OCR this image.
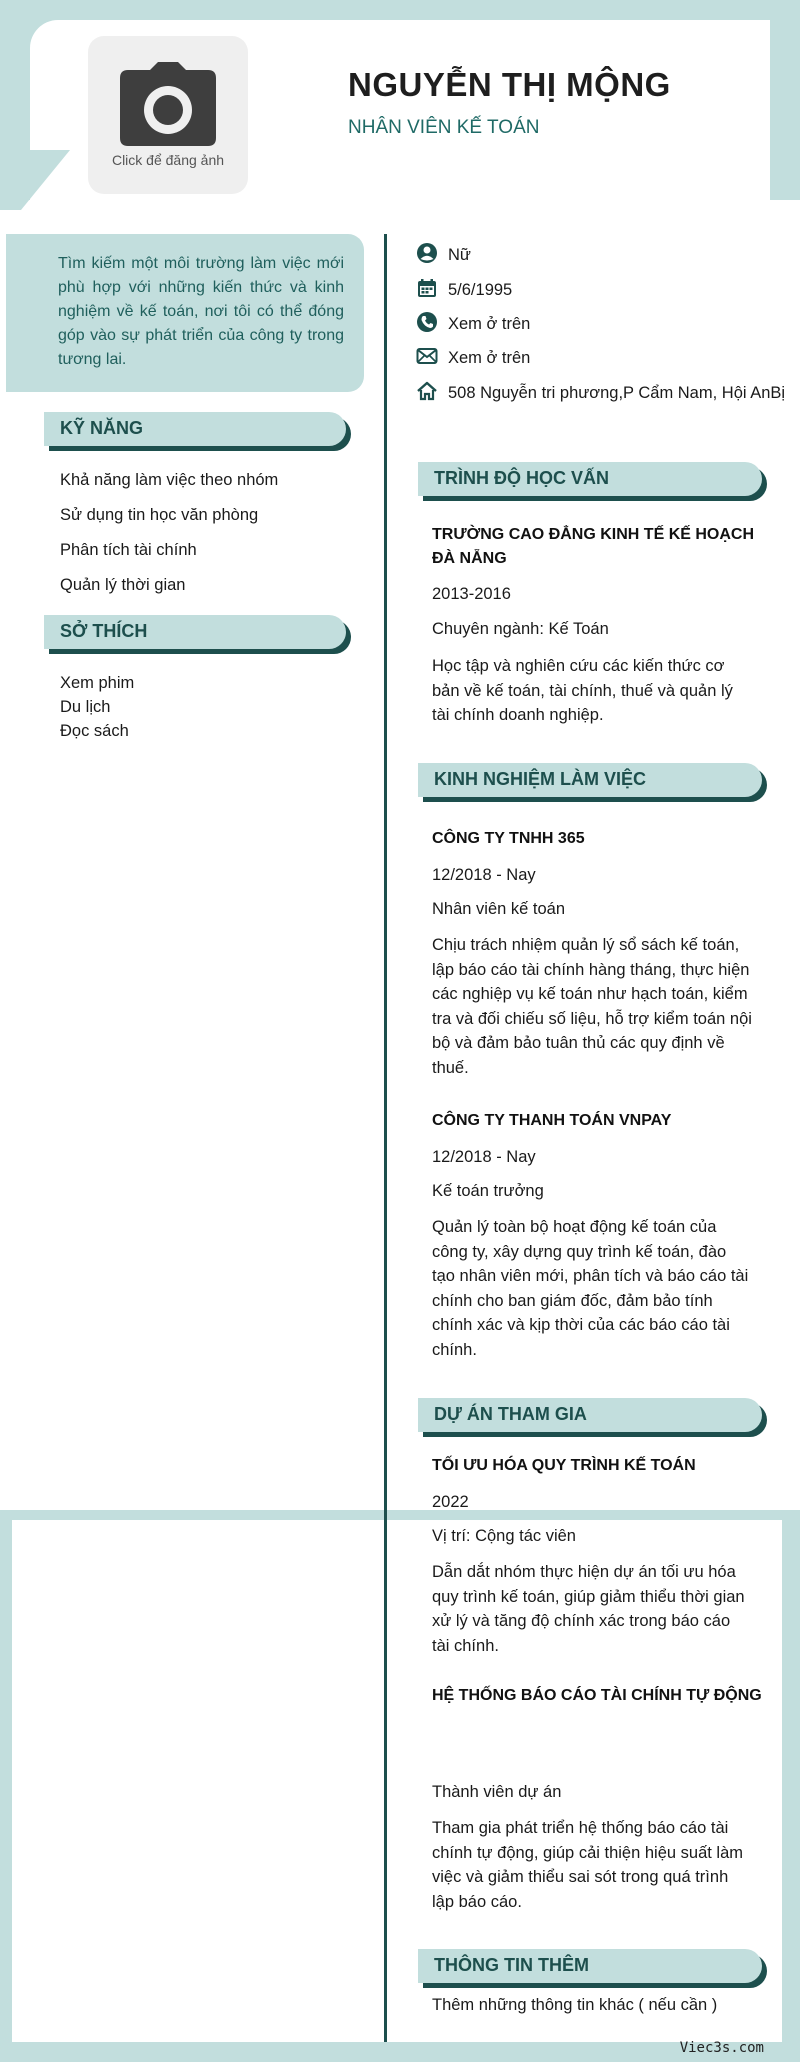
Click để đăng ảnh
NGUYỄN THỊ MỘNG
NHÂN VIÊN KẾ TOÁN
Tìm kiếm một môi trường làm việc mới phù hợp với những kiến thức và kinh nghiệm về kế toán, nơi tôi có thể đóng góp vào sự phát triển của công ty trong tương lai.
KỸ NĂNG
Khả năng làm việc theo nhóm
Sử dụng tin học văn phòng
Phân tích tài chính
Quản lý thời gian
SỞ THÍCH
Xem phim
Du lịch
Đọc sách
Nữ
5/6/1995
Xem ở trên
Xem ở trên
508 Nguyễn tri phương,P Cẩm Nam, Hội AnBị
TRÌNH ĐỘ HỌC VẤN
TRƯỜNG CAO ĐẲNG KINH TẾ KẾ HOẠCH ĐÀ NẴNG
2013-2016
Chuyên ngành: Kế Toán
Học tập và nghiên cứu các kiến thức cơ bản về kế toán, tài chính, thuế và quản lý tài chính doanh nghiệp.
KINH NGHIỆM LÀM VIỆC
CÔNG TY TNHH 365
12/2018 - Nay
Nhân viên kế toán
Chịu trách nhiệm quản lý sổ sách kế toán, lập báo cáo tài chính hàng tháng, thực hiện các nghiệp vụ kế toán như hạch toán, kiểm tra và đối chiếu số liệu, hỗ trợ kiểm toán nội bộ và đảm bảo tuân thủ các quy định về thuế.
CÔNG TY THANH TOÁN VNPAY
12/2018 - Nay
Kế toán trưởng
Quản lý toàn bộ hoạt động kế toán của công ty, xây dựng quy trình kế toán, đào tạo nhân viên mới, phân tích và báo cáo tài chính cho ban giám đốc, đảm bảo tính chính xác và kịp thời của các báo cáo tài chính.
DỰ ÁN THAM GIA
TỐI ƯU HÓA QUY TRÌNH KẾ TOÁN
2022
Vị trí: Cộng tác viên
Dẫn dắt nhóm thực hiện dự án tối ưu hóa quy trình kế toán, giúp giảm thiểu thời gian xử lý và tăng độ chính xác trong báo cáo tài chính.
HỆ THỐNG BÁO CÁO TÀI CHÍNH TỰ ĐỘNG
Thành viên dự án
Tham gia phát triển hệ thống báo cáo tài chính tự động, giúp cải thiện hiệu suất làm việc và giảm thiểu sai sót trong quá trình lập báo cáo.
THÔNG TIN THÊM
Thêm những thông tin khác ( nếu cần )
Viec3s.com
